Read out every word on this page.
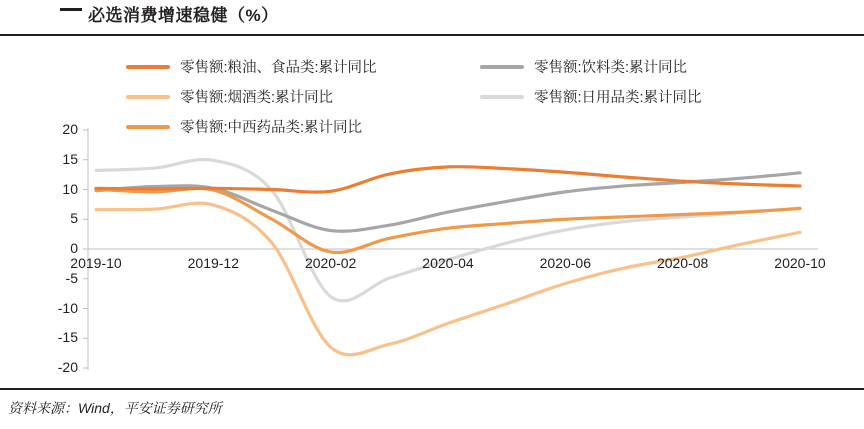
必选消费增速稳健（%）
零售额:粮油、食品类:累计同比	零售额:饮料类:累计同比
零售额:烟酒类:累计同比	零售额:日用品类:累计同比
零售额:中西药品类:累计同比
20
15
10
5
0
-5
-10
-15
-20
2019-10	2019-12	2020-02	2020-04	2020-06	2020-08	2020-10
资料来源：Wind，平安证券研究所
